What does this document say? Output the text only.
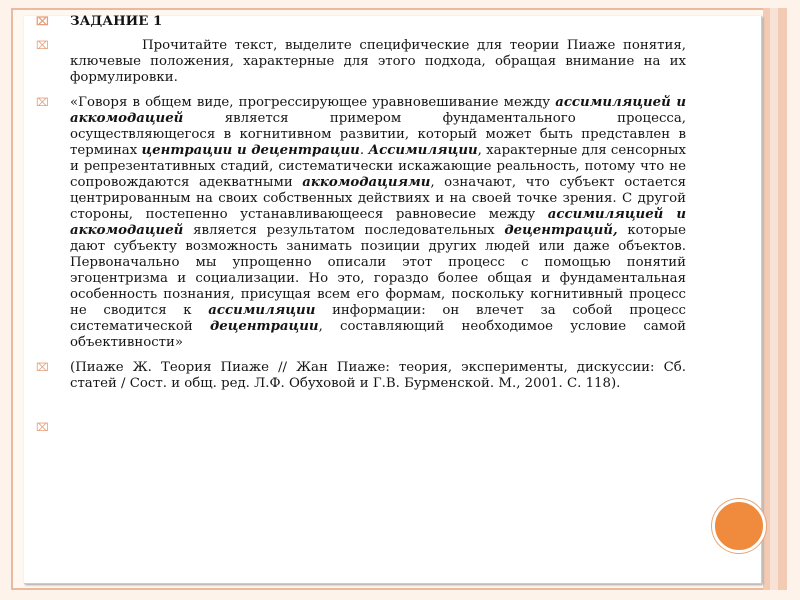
⌧ ЗАДАНИЕ 1
⌧	Прочитайте текст, выделите специфические для теории Пиаже понятия, ключевые положения, характерные для этого подхода, обращая внимание на их формулировки.
⌧ «Говоря в общем виде, прогрессирующее уравновешивание между ассимиляцией и аккомодацией является примером фундаментального процесса, осуществляющегося в когнитивном развитии, который может быть представлен в терминах центрации и децентрации. Ассимиляции, характерные для сенсорных и репрезентативных стадий, систематически искажающие реальность, потому что не сопровождаются адекватными аккомодациями, означают, что субъект остается центрированным на своих собственных действиях и на своей точке зрения. С другой стороны, постепенно устанавливающееся равновесие между ассимиляцией и аккомодацией является результатом последовательных децентраций, которые дают субъекту возможность занимать позиции других людей или даже объектов. Первоначально мы упрощенно описали этот процесс с помощью понятий эгоцентризма и социализации. Но это, гораздо более общая и фундаментальная особенность познания, присущая всем его формам, поскольку когнитивный процесс не сводится к ассимиляции информации: он влечет за собой процесс систематической децентрации, составляющий необходимое условие самой объективности»
⌧ (Пиаже Ж. Теория Пиаже // Жан Пиаже: теория, эксперименты, дискуссии: Сб. статей / Сост. и общ. ред. Л.Ф. Обуховой и Г.В. Бурменской. М., 2001. С. 118).
⌧
